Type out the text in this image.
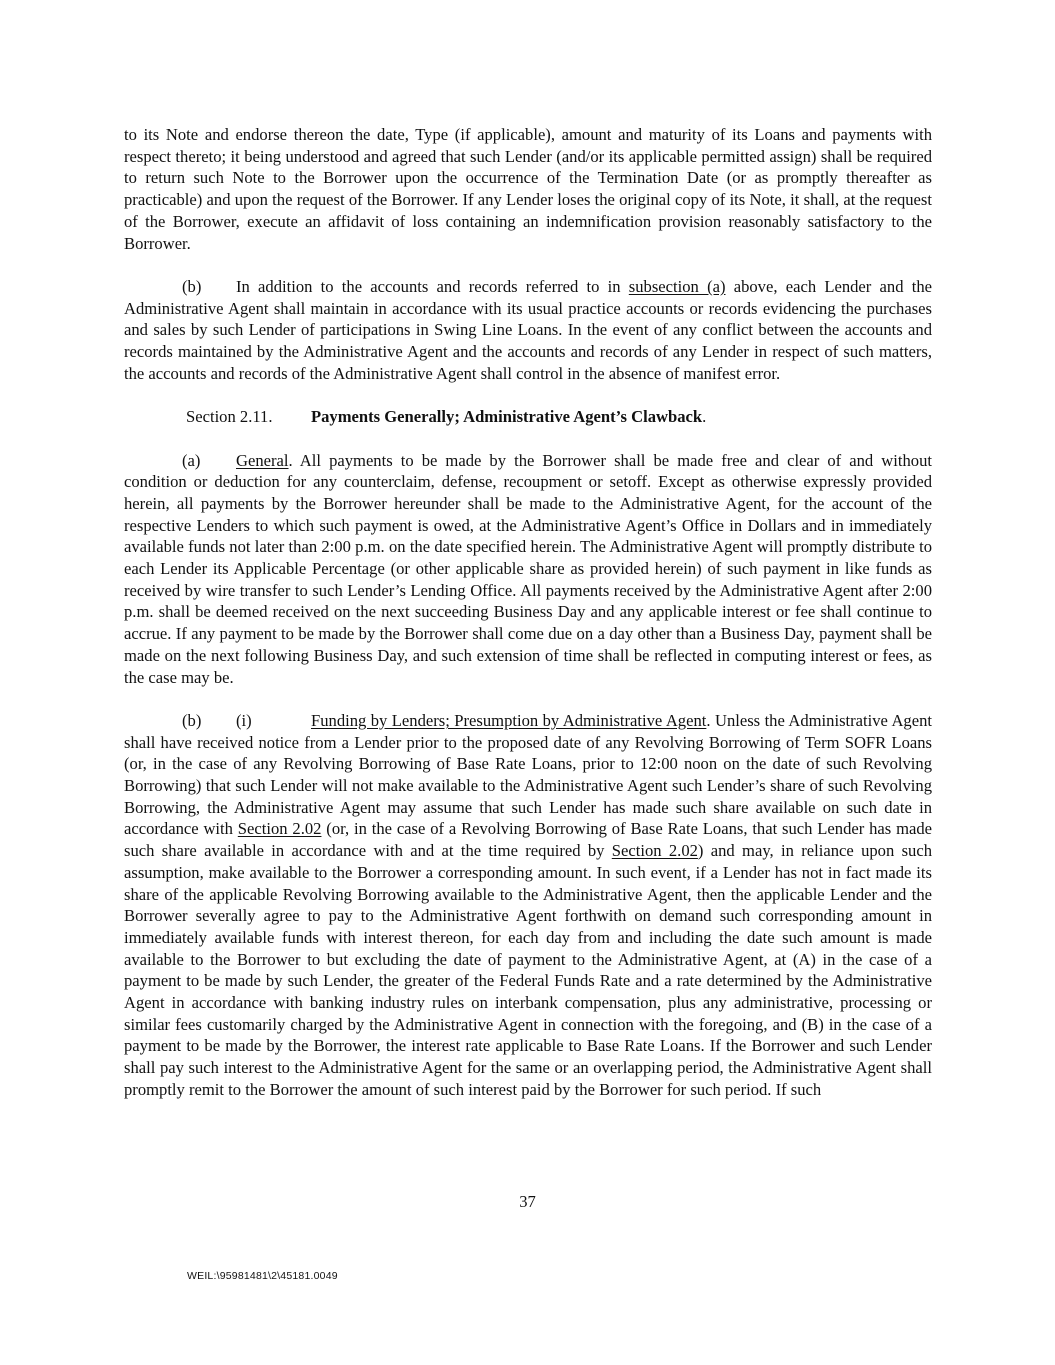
to its Note and endorse thereon the date, Type (if applicable), amount and maturity of its Loans and payments with respect thereto; it being understood and agreed that such Lender (and/or its applicable permitted assign) shall be required to return such Note to the Borrower upon the occurrence of the Termination Date (or as promptly thereafter as practicable) and upon the request of the Borrower. If any Lender loses the original copy of its Note, it shall, at the request of the Borrower, execute an affidavit of loss containing an indemnification provision reasonably satisfactory to the Borrower.

(b) In addition to the accounts and records referred to in subsection (a) above, each Lender and the Administrative Agent shall maintain in accordance with its usual practice accounts or records evidencing the purchases and sales by such Lender of participations in Swing Line Loans. In the event of any conflict between the accounts and records maintained by the Administrative Agent and the accounts and records of any Lender in respect of such matters, the accounts and records of the Administrative Agent shall control in the absence of manifest error.

Section 2.11. Payments Generally; Administrative Agent’s Clawback.

(a) General. All payments to be made by the Borrower shall be made free and clear of and without condition or deduction for any counterclaim, defense, recoupment or setoff. Except as otherwise expressly provided herein, all payments by the Borrower hereunder shall be made to the Administrative Agent, for the account of the respective Lenders to which such payment is owed, at the Administrative Agent’s Office in Dollars and in immediately available funds not later than 2:00 p.m. on the date specified herein. The Administrative Agent will promptly distribute to each Lender its Applicable Percentage (or other applicable share as provided herein) of such payment in like funds as received by wire transfer to such Lender’s Lending Office. All payments received by the Administrative Agent after 2:00 p.m. shall be deemed received on the next succeeding Business Day and any applicable interest or fee shall continue to accrue. If any payment to be made by the Borrower shall come due on a day other than a Business Day, payment shall be made on the next following Business Day, and such extension of time shall be reflected in computing interest or fees, as the case may be.

(b) (i)	Funding by Lenders; Presumption by Administrative Agent. Unless the Administrative Agent shall have received notice from a Lender prior to the proposed date of any Revolving Borrowing of Term SOFR Loans (or, in the case of any Revolving Borrowing of Base Rate Loans, prior to 12:00 noon on the date of such Revolving Borrowing) that such Lender will not make available to the Administrative Agent such Lender’s share of such Revolving Borrowing, the Administrative Agent may assume that such Lender has made such share available on such date in accordance with Section 2.02 (or, in the case of a Revolving Borrowing of Base Rate Loans, that such Lender has made such share available in accordance with and at the time required by Section 2.02) and may, in reliance upon such assumption, make available to the Borrower a corresponding amount. In such event, if a Lender has not in fact made its share of the applicable Revolving Borrowing available to the Administrative Agent, then the applicable Lender and the Borrower severally agree to pay to the Administrative Agent forthwith on demand such corresponding amount in immediately available funds with interest thereon, for each day from and including the date such amount is made available to the Borrower to but excluding the date of payment to the Administrative Agent, at (A) in the case of a payment to be made by such Lender, the greater of the Federal Funds Rate and a rate determined by the Administrative Agent in accordance with banking industry rules on interbank compensation, plus any administrative, processing or similar fees customarily charged by the Administrative Agent in connection with the foregoing, and (B) in the case of a payment to be made by the Borrower, the interest rate applicable to Base Rate Loans. If the Borrower and such Lender shall pay such interest to the Administrative Agent for the same or an overlapping period, the Administrative Agent shall promptly remit to the Borrower the amount of such interest paid by the Borrower for such period. If such

37
WEIL:\95981481\2\45181.0049
